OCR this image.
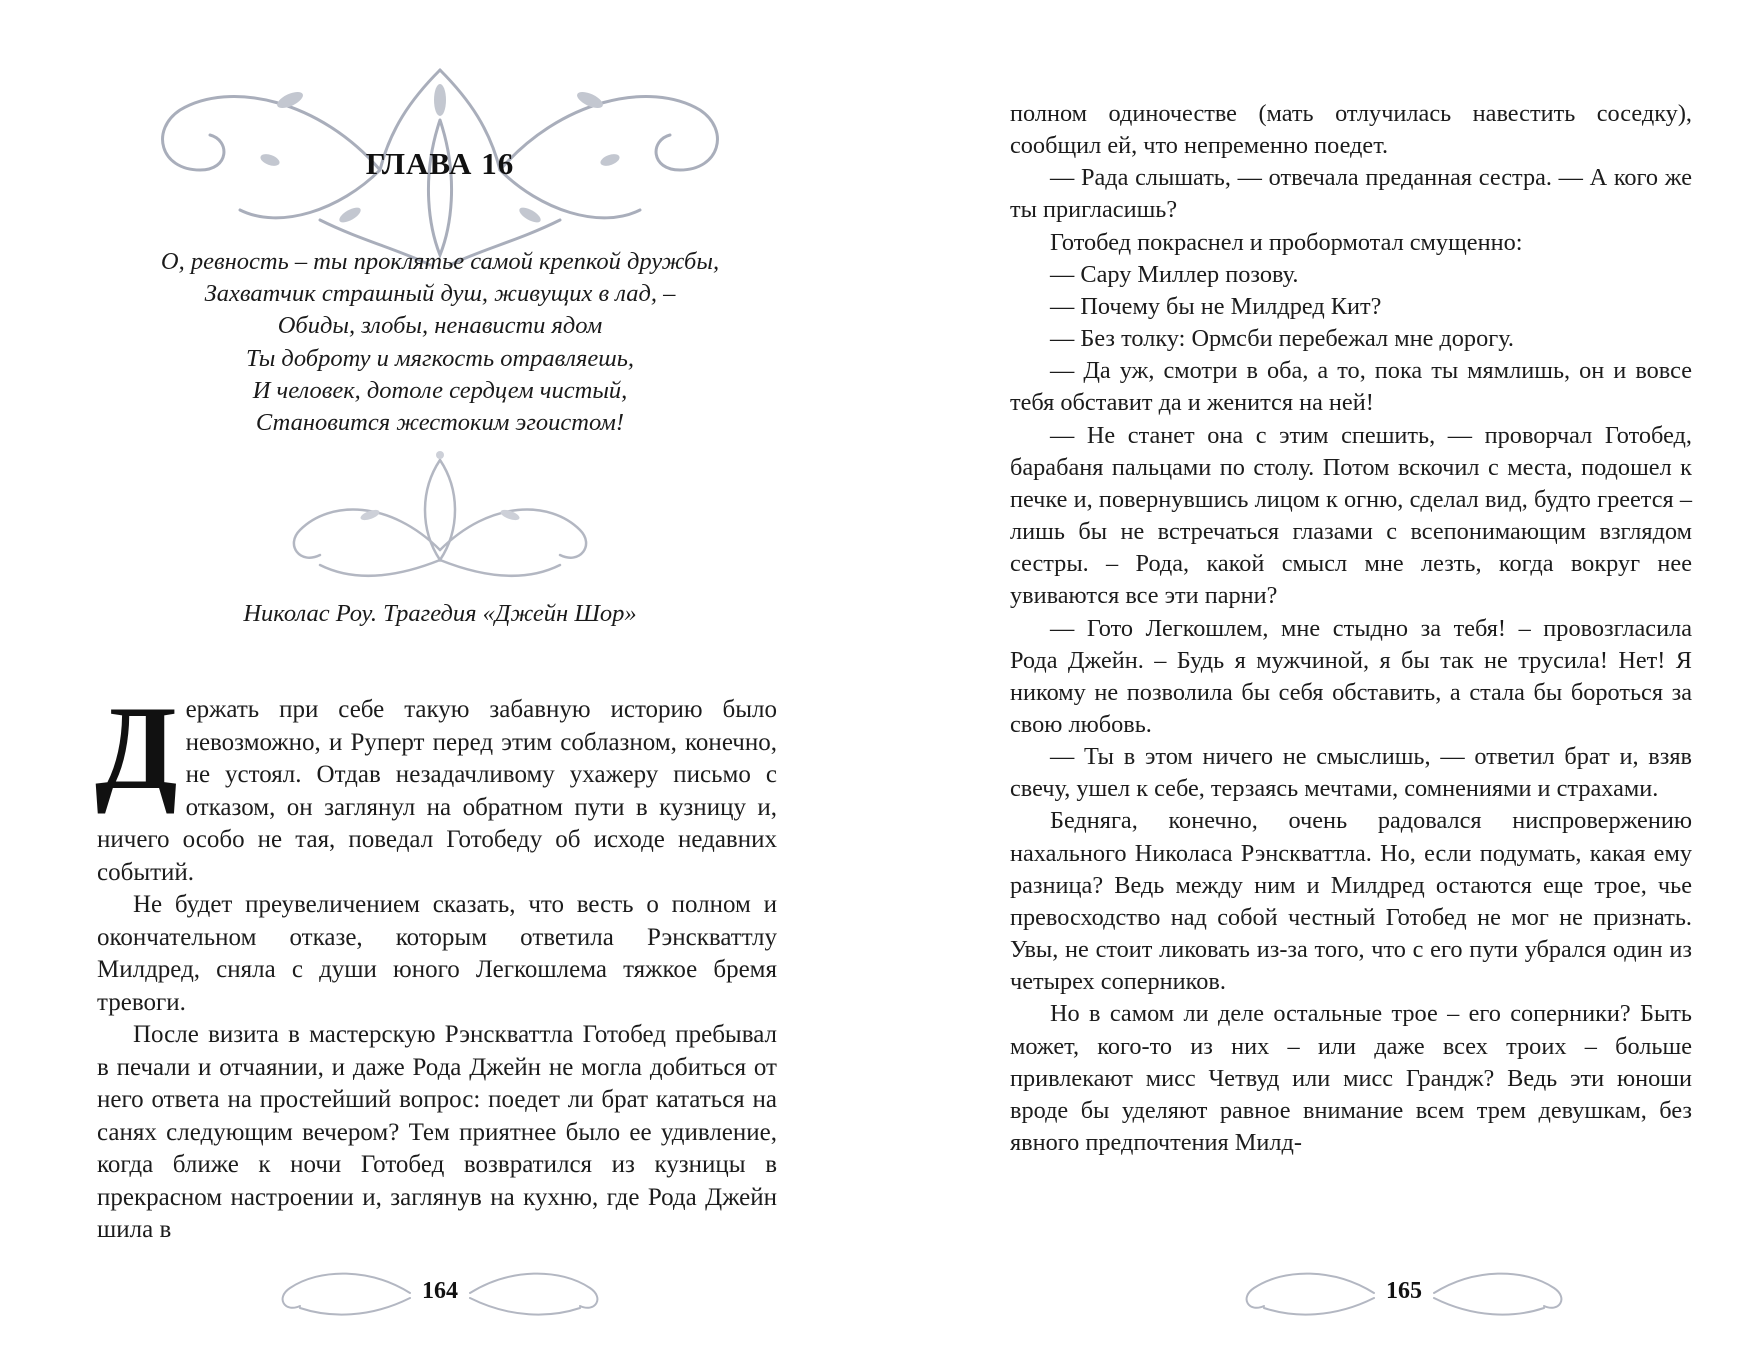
ГЛАВА 16
О, ревность – ты проклятье самой крепкой дружбы,
Захватчик страшный душ, живущих в лад, –
Обиды, злобы, ненависти ядом
Ты доброту и мягкость отравляешь,
И человек, дотоле сердцем чистый,
Становится жестоким эгоистом!
Николас Роу. Трагедия «Джейн Шор»

Держать при себе такую забавную историю было невозможно, и Руперт перед этим соблазном, конечно, не устоял. Отдав незадачливому ухажеру письмо с отказом, он заглянул на обратном пути в кузницу и, ничего особо не тая, поведал Готобеду об исходе недавних событий.

Не будет преувеличением сказать, что весть о полном и окончательном отказе, которым ответила Рэнскваттлу Милдред, сняла с души юного Легкошлема тяжкое бремя тревоги.

После визита в мастерскую Рэнскваттла Готобед пребывал в печали и отчаянии, и даже Рода Джейн не могла добиться от него ответа на простейший вопрос: поедет ли брат кататься на санях следующим вечером? Тем приятнее было ее удивление, когда ближе к ночи Готобед возвратился из кузницы в прекрасном настроении и, заглянув на кухню, где Рода Джейн шила в

164

полном одиночестве (мать отлучилась навестить соседку), сообщил ей, что непременно поедет.

— Рада слышать, — отвечала преданная сестра. — А кого же ты пригласишь?

Готобед покраснел и пробормотал смущенно:

— Сару Миллер позову.

— Почему бы не Милдред Кит?

— Без толку: Ормсби перебежал мне дорогу.

— Да уж, смотри в оба, а то, пока ты мямлишь, он и вовсе тебя обставит да и женится на ней!

— Не станет она с этим спешить, — проворчал Готобед, барабаня пальцами по столу. Потом вскочил с места, подошел к печке и, повернувшись лицом к огню, сделал вид, будто греется – лишь бы не встречаться глазами с всепонимающим взглядом сестры. – Рода, какой смысл мне лезть, когда вокруг нее увиваются все эти парни?

— Гото Легкошлем, мне стыдно за тебя! – провозгласила Рода Джейн. – Будь я мужчиной, я бы так не трусила! Нет! Я никому не позволила бы себя обставить, а стала бы бороться за свою любовь.

— Ты в этом ничего не смыслишь, — ответил брат и, взяв свечу, ушел к себе, терзаясь мечтами, сомнениями и страхами.

Бедняга, конечно, очень радовался ниспровержению нахального Николаса Рэнскваттла. Но, если подумать, какая ему разница? Ведь между ним и Милдред остаются еще трое, чье превосходство над собой честный Готобед не мог не признать. Увы, не стоит ликовать из-за того, что с его пути убрался один из четырех соперников.

Но в самом ли деле остальные трое – его соперники? Быть может, кого-то из них – или даже всех троих – больше привлекают мисс Четвуд или мисс Грандж? Ведь эти юноши вроде бы уделяют равное внимание всем трем девушкам, без явного предпочтения Милд-

165
